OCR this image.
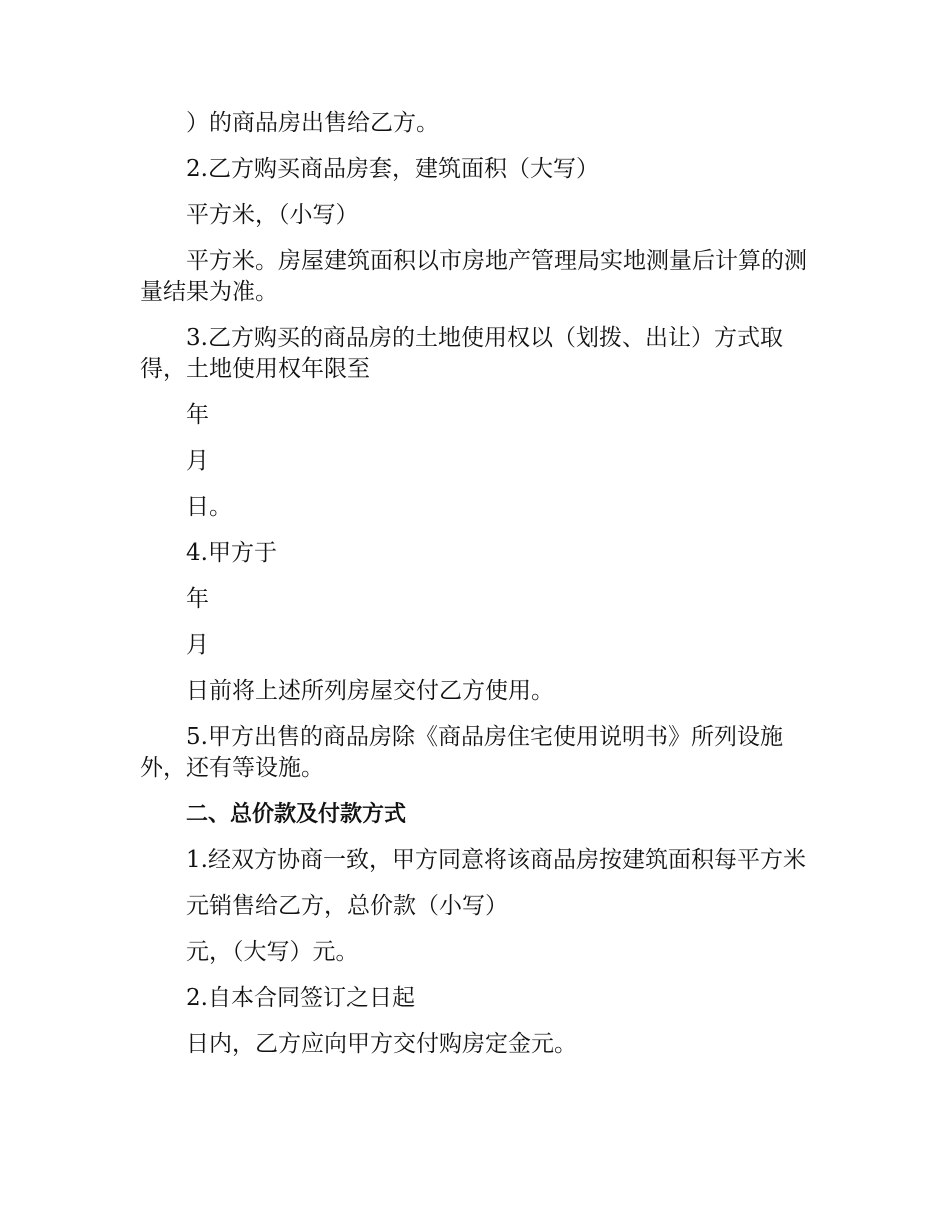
）的商品房出售给乙方。

2.乙方购买商品房套，建筑面积（大写）

平方米，（小写）

平方米。房屋建筑面积以市房地产管理局实地测量后计算的测量结果为准。

3.乙方购买的商品房的土地使用权以（划拨、出让）方式取得，土地使用权年限至

年

月

日。

4.甲方于

年

月

日前将上述所列房屋交付乙方使用。

5.甲方出售的商品房除《商品房住宅使用说明书》所列设施外，还有等设施。

二、总价款及付款方式

1.经双方协商一致，甲方同意将该商品房按建筑面积每平方米

元销售给乙方，总价款（小写）

元，（大写）元。

2.自本合同签订之日起

日内，乙方应向甲方交付购房定金元。
